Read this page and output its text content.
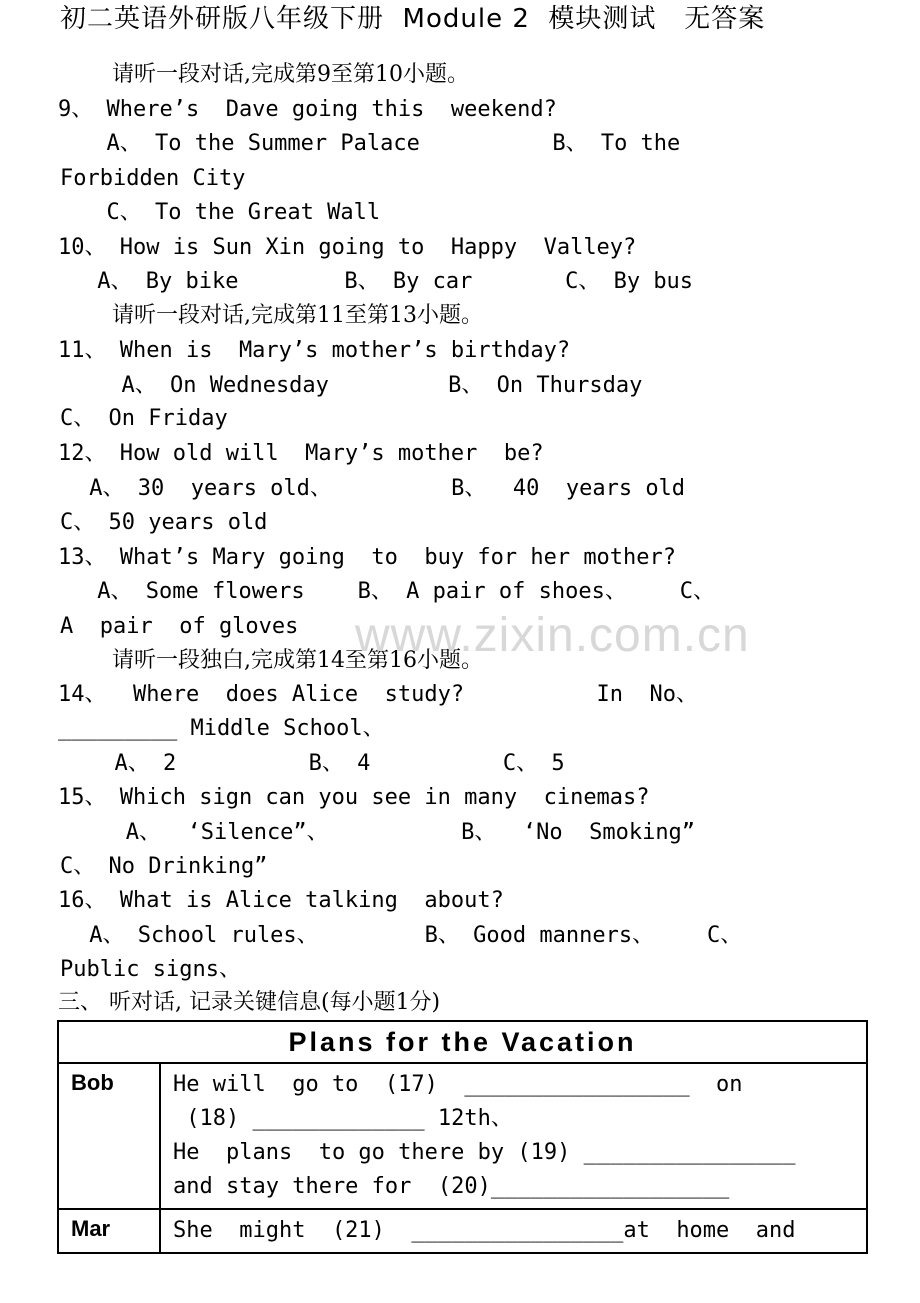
初二英语外研版八年级下册  Module 2  模块测试   无答案
请听一段对话,完成第9至第10小题。
9、 Where’s  Dave going this  weekend?
A、 To the Summer Palace          B、 To the
Forbidden City
C、 To the Great Wall
10、 How is Sun Xin going to  Happy  Valley?
A、 By bike        B、 By car       C、 By bus
请听一段对话,完成第11至第13小题。
11、 When is  Mary’s mother’s birthday?
A、 On Wednesday         B、 On Thursday
C、 On Friday
12、 How old will  Mary’s mother  be?
A、 30  years old、         B、  40  years old
C、 50 years old
13、 What’s Mary going  to  buy for her mother?
A、 Some flowers    B、 A pair of shoes、    C、
A  pair  of gloves
请听一段独白,完成第14至第16小题。
14、  Where  does Alice  study?          In  No、
_________ Middle School、
A、 2          B、 4          C、 5
15、 Which sign can you see in many  cinemas?
A、  ‘Silence”、          B、  ‘No  Smoking”
C、 No Drinking”
16、 What is Alice talking  about?
A、 School rules、        B、 Good manners、    C、
Public signs、
三、 听对话, 记录关键信息(每小题1分)
www.zixin.com.cn
Plans for the Vacation	
Bob	He will  go to  (17)  _________________  on
(18) _____________ 12th、
He  plans  to go there by (19) ________________
and stay there for  (20)__________________

Mar	She  might  (21)  ________________at  home  and
